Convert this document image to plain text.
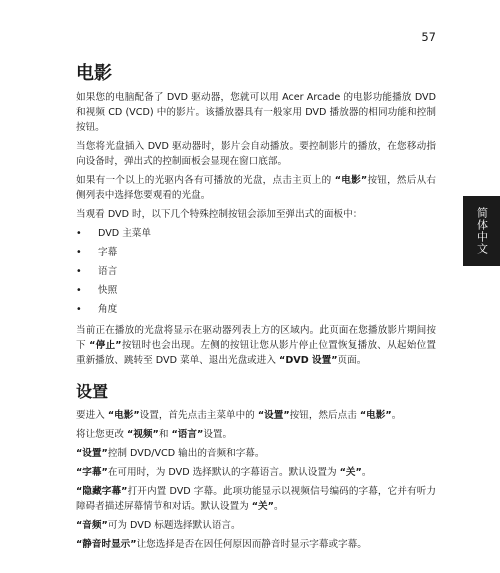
57
简体中文
电影

如果您的电脑配备了 DVD 驱动器，您就可以用 Acer Arcade 的电影功能播放 DVD 和视频 CD (VCD) 中的影片。该播放器具有一般家用 DVD 播放器的相同功能和控制按钮。

当您将光盘插入 DVD 驱动器时，影片会自动播放。要控制影片的播放，在您移动指向设备时，弹出式的控制面板会显现在窗口底部。

如果有一个以上的光驱内各有可播放的光盘，点击主页上的 “电影”按钮，然后从右侧列表中选择您要观看的光盘。

当观看 DVD 时，以下几个特殊控制按钮会添加至弹出式的面板中：

• DVD 主菜单
• 字幕
• 语言
• 快照
• 角度

当前正在播放的光盘将显示在驱动器列表上方的区域内。此页面在您播放影片期间按下 “停止”按钮时也会出现。左侧的按钮让您从影片停止位置恢复播放、从起始位置重新播放、跳转至 DVD 菜单、退出光盘或进入 “DVD 设置”页面。

设置

要进入 “电影”设置，首先点击主菜单中的 “设置”按钮，然后点击 “电影”。

将让您更改 “视频”和 “语言”设置。

“设置”控制 DVD/VCD 输出的音频和字幕。

“字幕”在可用时，为 DVD 选择默认的字幕语言。默认设置为 “关”。

“隐藏字幕”打开内置 DVD 字幕。此项功能显示以视频信号编码的字幕，它并有听力障碍者描述屏幕情节和对话。默认设置为 “关”。

“音频”可为 DVD 标题选择默认语言。

“静音时显示”让您选择是否在因任何原因而静音时显示字幕或字幕。
